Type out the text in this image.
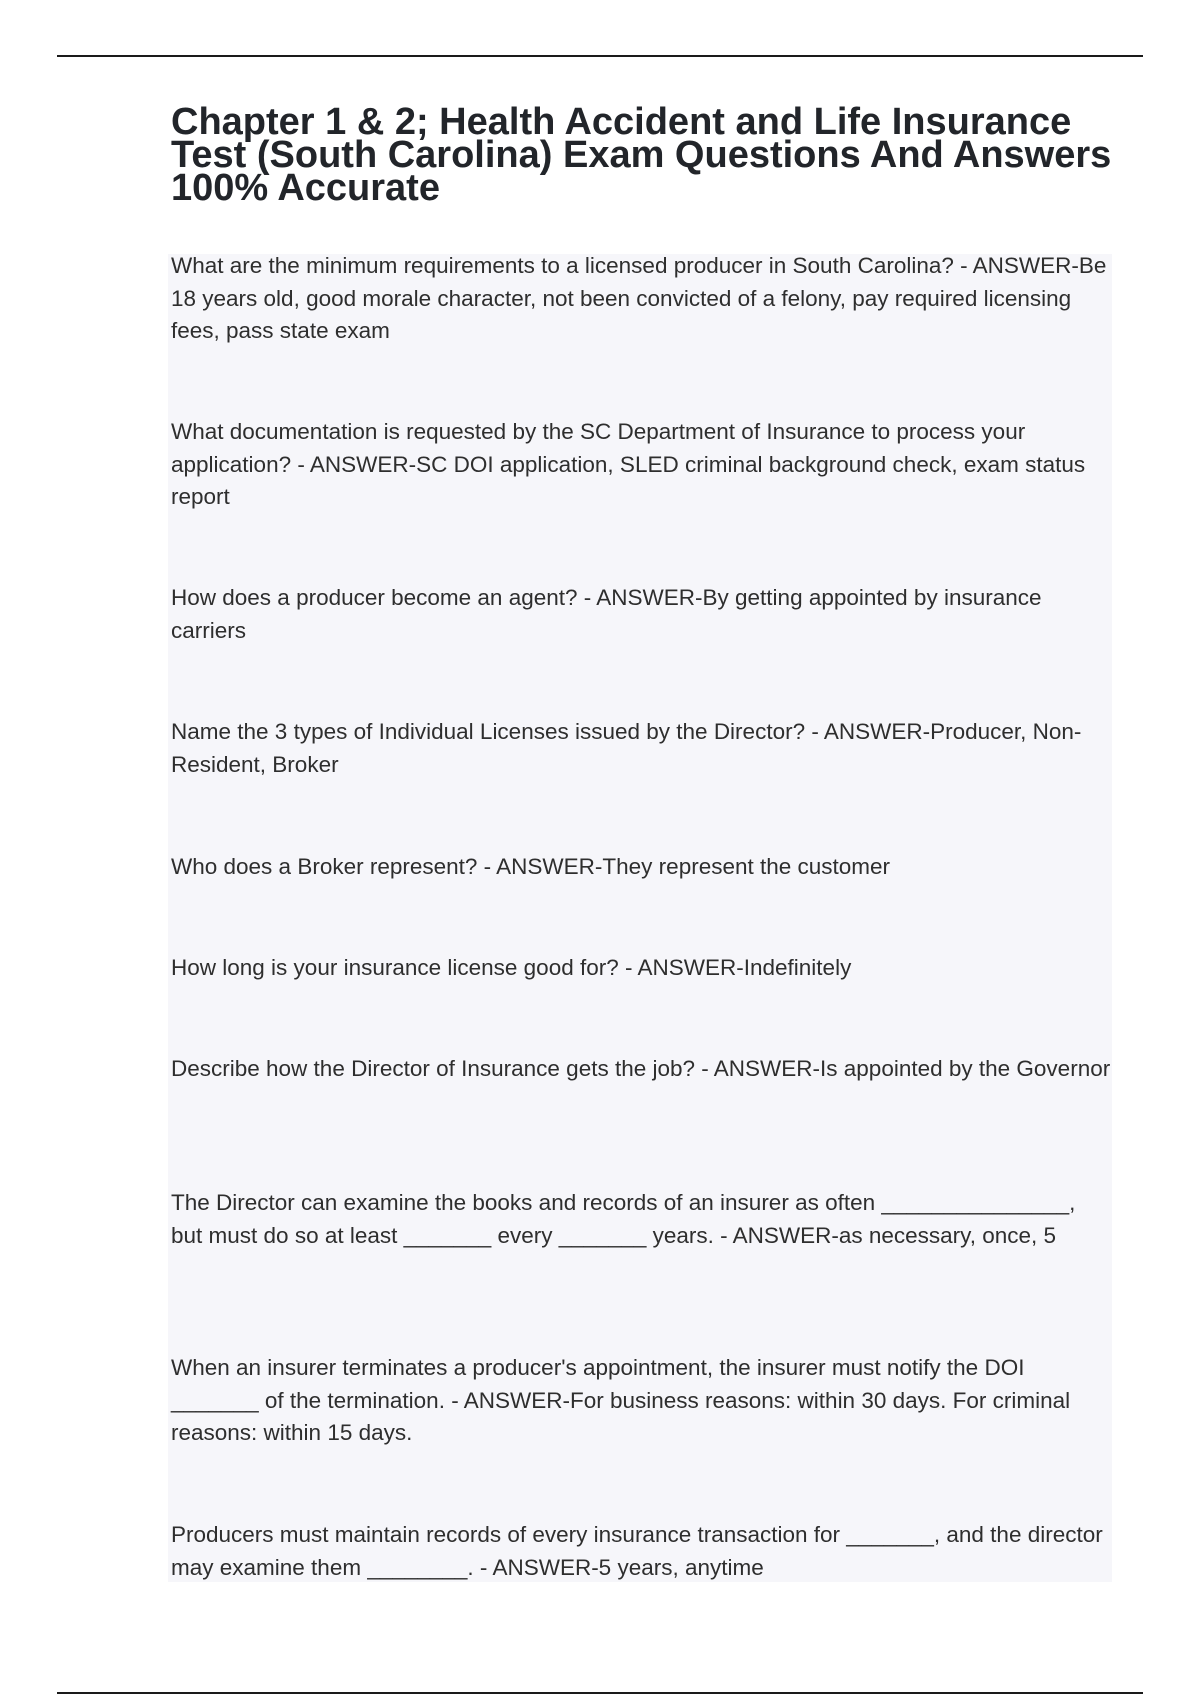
Chapter 1 & 2; Health Accident and Life Insurance Test (South Carolina) Exam Questions And Answers 100% Accurate

What are the minimum requirements to a licensed producer in South Carolina? - ANSWER-Be 18 years old, good morale character, not been convicted of a felony, pay required licensing fees, pass state exam

What documentation is requested by the SC Department of Insurance to process your application? - ANSWER-SC DOI application, SLED criminal background check, exam status report

How does a producer become an agent? - ANSWER-By getting appointed by insurance carriers

Name the 3 types of Individual Licenses issued by the Director? - ANSWER-Producer, Non-Resident, Broker

Who does a Broker represent? - ANSWER-They represent the customer

How long is your insurance license good for? - ANSWER-Indefinitely

Describe how the Director of Insurance gets the job? - ANSWER-Is appointed by the Governor

The Director can examine the books and records of an insurer as often _______________, but must do so at least _______ every _______ years. - ANSWER-as necessary, once, 5

When an insurer terminates a producer's appointment, the insurer must notify the DOI _______ of the termination. - ANSWER-For business reasons: within 30 days. For criminal reasons: within 15 days.

Producers must maintain records of every insurance transaction for _______, and the director may examine them ________. - ANSWER-5 years, anytime
